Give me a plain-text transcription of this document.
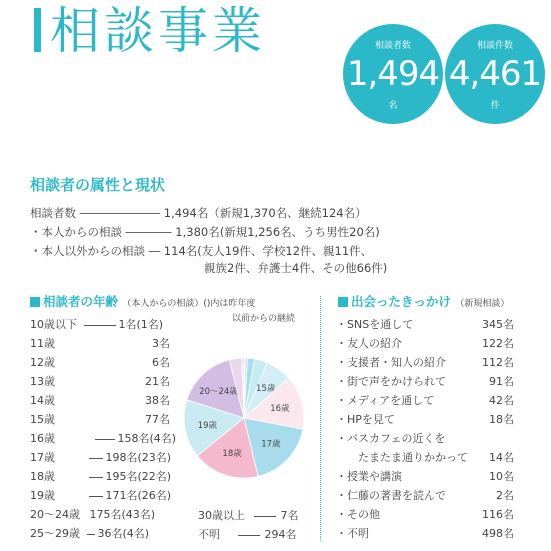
相談事業	相談者数
1,494
名
相談件数
4,461
件
相談者の属性と現状
相談者数 ――――――― 1,494名（新規1,370名、継続124名）
・本人からの相談 ―――― 1,380名(新規1,256名、うち男性20名)
・本人以外からの相談 ― 114名(友人19件、学校12件、親11件、
親族2件、弁護士4件、その他66件)
相談者の年齢 （本人からの相談）()内は昨年度
以前からの継続
10歳以下	1名(1名)
11歳	3名
12歳	6名
13歳	21名
14歳	38名
15歳	77名
16歳	158名(4名)
17歳	198名(23名)
18歳	195名(22名)
19歳	171名(26名)
20～24歳 175名(43名)
25～29歳 36名(4名)
15歳
16歳
17歳
18歳
19歳
20～24歳
30歳以上	7名
不明	294名
出会ったきっかけ （新規相談）
・SNSを通して	345名
・友人の紹介	122名
・支援者・知人の紹介	112名
・街で声をかけられて	91名
・メディアを通して	42名
・HPを見て	18名
・バスカフェの近くを
たまたま通りかかって 14名
・授業や講演	10名
・仁藤の著書を読んで	2名
・その他	116名
・不明	498名
